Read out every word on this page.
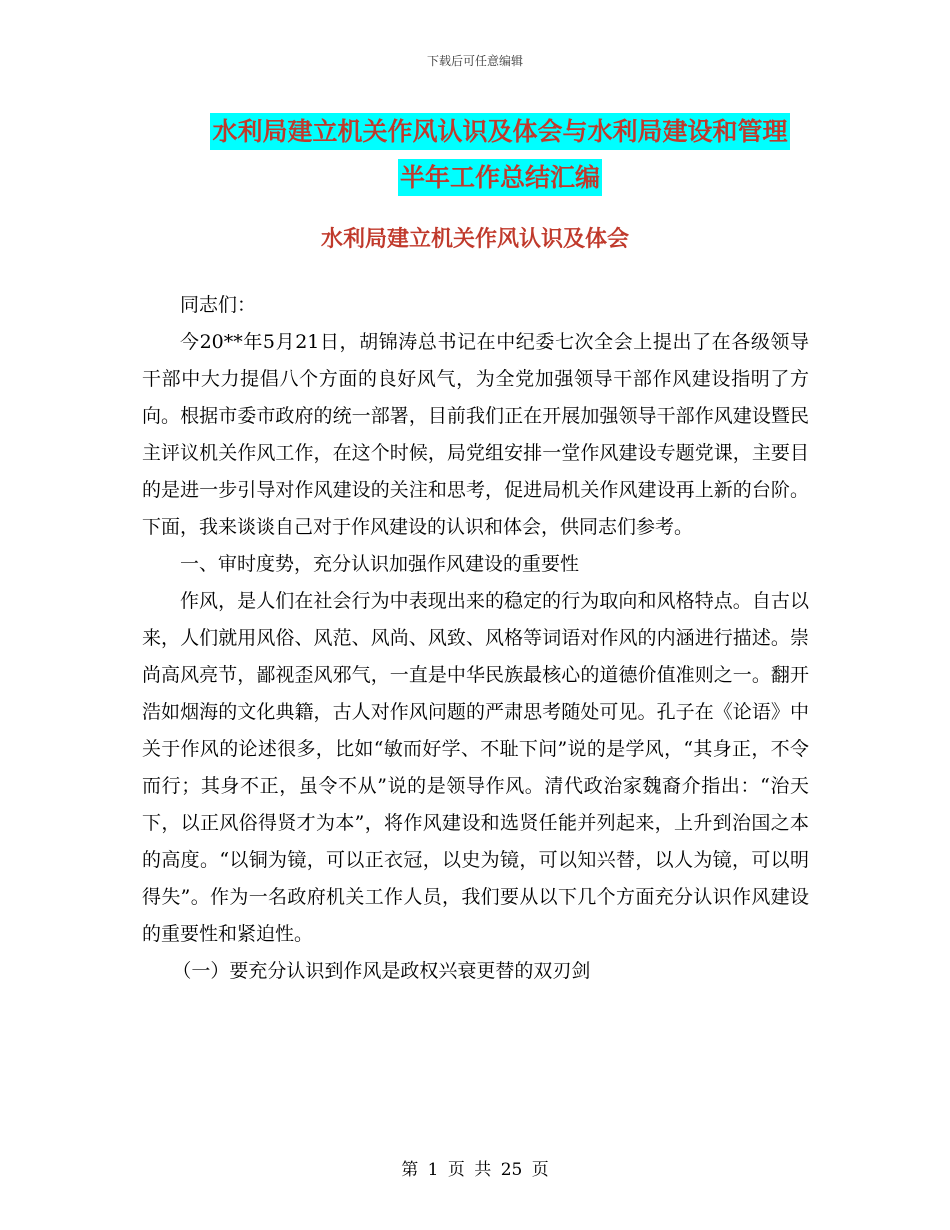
下载后可任意编辑
水利局建立机关作风认识及体会与水利局建设和管理
半年工作总结汇编
水利局建立机关作风认识及体会

同志们：

今20**年5月21日，胡锦涛总书记在中纪委七次全会上提出了在各级领导干部中大力提倡八个方面的良好风气，为全党加强领导干部作风建设指明了方向。根据市委市政府的统一部署，目前我们正在开展加强领导干部作风建设暨民主评议机关作风工作，在这个时候，局党组安排一堂作风建设专题党课，主要目的是进一步引导对作风建设的关注和思考，促进局机关作风建设再上新的台阶。下面，我来谈谈自己对于作风建设的认识和体会，供同志们参考。

一、审时度势，充分认识加强作风建设的重要性

作风，是人们在社会行为中表现出来的稳定的行为取向和风格特点。自古以来，人们就用风俗、风范、风尚、风致、风格等词语对作风的内涵进行描述。崇尚高风亮节，鄙视歪风邪气，一直是中华民族最核心的道德价值准则之一。翻开浩如烟海的文化典籍，古人对作风问题的严肃思考随处可见。孔子在《论语》中关于作风的论述很多，比如“敏而好学、不耻下问”说的是学风，“其身正，不令而行；其身不正，虽令不从”说的是领导作风。清代政治家魏裔介指出：“治天下，以正风俗得贤才为本”，将作风建设和选贤任能并列起来，上升到治国之本的高度。“以铜为镜，可以正衣冠，以史为镜，可以知兴替，以人为镜，可以明得失”。作为一名政府机关工作人员，我们要从以下几个方面充分认识作风建设的重要性和紧迫性。

（一）要充分认识到作风是政权兴衰更替的双刃剑

第 1 页 共 25 页
